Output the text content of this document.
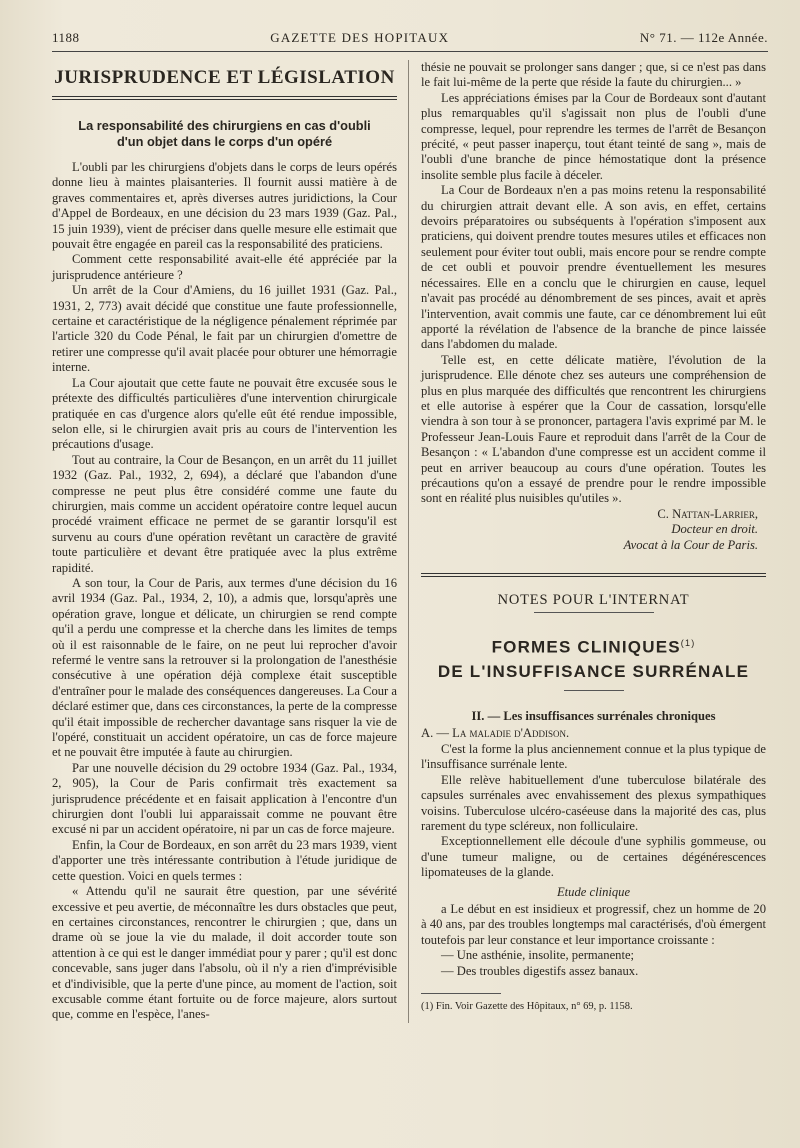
1188	GAZETTE DES HOPITAUX	N° 71. — 112e Année.
JURISPRUDENCE ET LÉGISLATION
La responsabilité des chirurgiens en cas d'oubli d'un objet dans le corps d'un opéré

L'oubli par les chirurgiens d'objets dans le corps de leurs opérés donne lieu à maintes plaisanteries. Il fournit aussi matière à de graves commentaires et, après diverses autres juridictions, la Cour d'Appel de Bordeaux, en une décision du 23 mars 1939 (Gaz. Pal., 15 juin 1939), vient de préciser dans quelle mesure elle estimait que pouvait être engagée en pareil cas la responsabilité des praticiens.

Comment cette responsabilité avait-elle été appréciée par la jurisprudence antérieure ?

Un arrêt de la Cour d'Amiens, du 16 juillet 1931 (Gaz. Pal., 1931, 2, 773) avait décidé que constitue une faute professionnelle, certaine et caractéristique de la négligence pénalement réprimée par l'article 320 du Code Pénal, le fait par un chirurgien d'omettre de retirer une compresse qu'il avait placée pour obturer une hémorragie interne.

La Cour ajoutait que cette faute ne pouvait être excusée sous le prétexte des difficultés particulières d'une intervention chirurgicale pratiquée en cas d'urgence alors qu'elle eût été rendue impossible, selon elle, si le chirurgien avait pris au cours de l'intervention les précautions d'usage.

Tout au contraire, la Cour de Besançon, en un arrêt du 11 juillet 1932 (Gaz. Pal., 1932, 2, 694), a déclaré que l'abandon d'une compresse ne peut plus être considéré comme une faute du chirurgien, mais comme un accident opératoire contre lequel aucun procédé vraiment efficace ne permet de se garantir lorsqu'il est survenu au cours d'une opération revêtant un caractère de gravité toute particulière et devant être pratiquée avec la plus extrême rapidité.

A son tour, la Cour de Paris, aux termes d'une décision du 16 avril 1934 (Gaz. Pal., 1934, 2, 10), a admis que, lorsqu'après une opération grave, longue et délicate, un chirurgien se rend compte qu'il a perdu une compresse et la cherche dans les limites de temps où il est raisonnable de le faire, on ne peut lui reprocher d'avoir refermé le ventre sans la retrouver si la prolongation de l'anesthésie consécutive à une opération déjà complexe était susceptible d'entraîner pour le malade des conséquences dangereuses. La Cour a déclaré estimer que, dans ces circonstances, la perte de la compresse qu'il était impossible de rechercher davantage sans risquer la vie de l'opéré, constituait un accident opératoire, un cas de force majeure et ne pouvait être imputée à faute au chirurgien.

Par une nouvelle décision du 29 octobre 1934 (Gaz. Pal., 1934, 2, 905), la Cour de Paris confirmait très exactement sa jurisprudence précédente et en faisait application à l'encontre d'un chirurgien dont l'oubli lui apparaissait comme ne pouvant être excusé ni par un accident opératoire, ni par un cas de force majeure.

Enfin, la Cour de Bordeaux, en son arrêt du 23 mars 1939, vient d'apporter une très intéressante contribution à l'étude juridique de cette question. Voici en quels termes :

« Attendu qu'il ne saurait être question, par une sévérité excessive et peu avertie, de méconnaître les durs obstacles que peut, en certaines circonstances, rencontrer le chirurgien ; que, dans un drame où se joue la vie du malade, il doit accorder toute son attention à ce qui est le danger immédiat pour y parer ; qu'il est donc concevable, sans juger dans l'absolu, où il n'y a rien d'imprévisible et d'indivisible, que la perte d'une pince, au moment de l'action, soit excusable comme étant fortuite ou de force majeure, alors surtout que, comme en l'espèce, l'anes-

thésie ne pouvait se prolonger sans danger ; que, si ce n'est pas dans le fait lui-même de la perte que réside la faute du chirurgien... »

Les appréciations émises par la Cour de Bordeaux sont d'autant plus remarquables qu'il s'agissait non plus de l'oubli d'une compresse, lequel, pour reprendre les termes de l'arrêt de Besançon précité, « peut passer inaperçu, tout étant teinté de sang », mais de l'oubli d'une branche de pince hémostatique dont la présence insolite semble plus facile à déceler.

La Cour de Bordeaux n'en a pas moins retenu la responsabilité du chirurgien attrait devant elle. A son avis, en effet, certains devoirs préparatoires ou subséquents à l'opération s'imposent aux praticiens, qui doivent prendre toutes mesures utiles et efficaces non seulement pour éviter tout oubli, mais encore pour se rendre compte de cet oubli et pouvoir prendre éventuellement les mesures nécessaires. Elle en a conclu que le chirurgien en cause, lequel n'avait pas procédé au dénombrement de ses pinces, avait et après l'intervention, avait commis une faute, car ce dénombrement lui eût apporté la révélation de l'absence de la branche de pince laissée dans l'abdomen du malade.

Telle est, en cette délicate matière, l'évolution de la jurisprudence. Elle dénote chez ses auteurs une compréhension de plus en plus marquée des difficultés que rencontrent les chirurgiens et elle autorise à espérer que la Cour de cassation, lorsqu'elle viendra à son tour à se prononcer, partagera l'avis exprimé par M. le Professeur Jean-Louis Faure et reproduit dans l'arrêt de la Cour de Besançon : « L'abandon d'une compresse est un accident comme il peut en arriver beaucoup au cours d'une opération. Toutes les précautions qu'on a essayé de prendre pour le rendre impossible sont en réalité plus nuisibles qu'utiles ».

C. Nattan-Larrier,
Docteur en droit.
Avocat à la Cour de Paris.
NOTES POUR L'INTERNAT
FORMES CLINIQUES$^{(1)}$
DE L'INSUFFISANCE SURRÉNALE
II. — Les insuffisances surrénales chroniques

A. — La maladie d'Addison.

C'est la forme la plus anciennement connue et la plus typique de l'insuffisance surrénale lente.

Elle relève habituellement d'une tuberculose bilatérale des capsules surrénales avec envahissement des plexus sympathiques voisins. Tuberculose ulcéro-caséeuse dans la majorité des cas, plus rarement du type scléreux, non folliculaire.

Exceptionnellement elle découle d'une syphilis gommeuse, ou d'une tumeur maligne, ou de certaines dégénérescences lipomateuses de la glande.

Etude clinique

a Le début en est insidieux et progressif, chez un homme de 20 à 40 ans, par des troubles longtemps mal caractérisés, d'où émergent toutefois par leur constance et leur importance croissante :

— Une asthénie, insolite, permanente;

— Des troubles digestifs assez banaux.

(1) Fin. Voir Gazette des Hôpitaux, n° 69, p. 1158.
